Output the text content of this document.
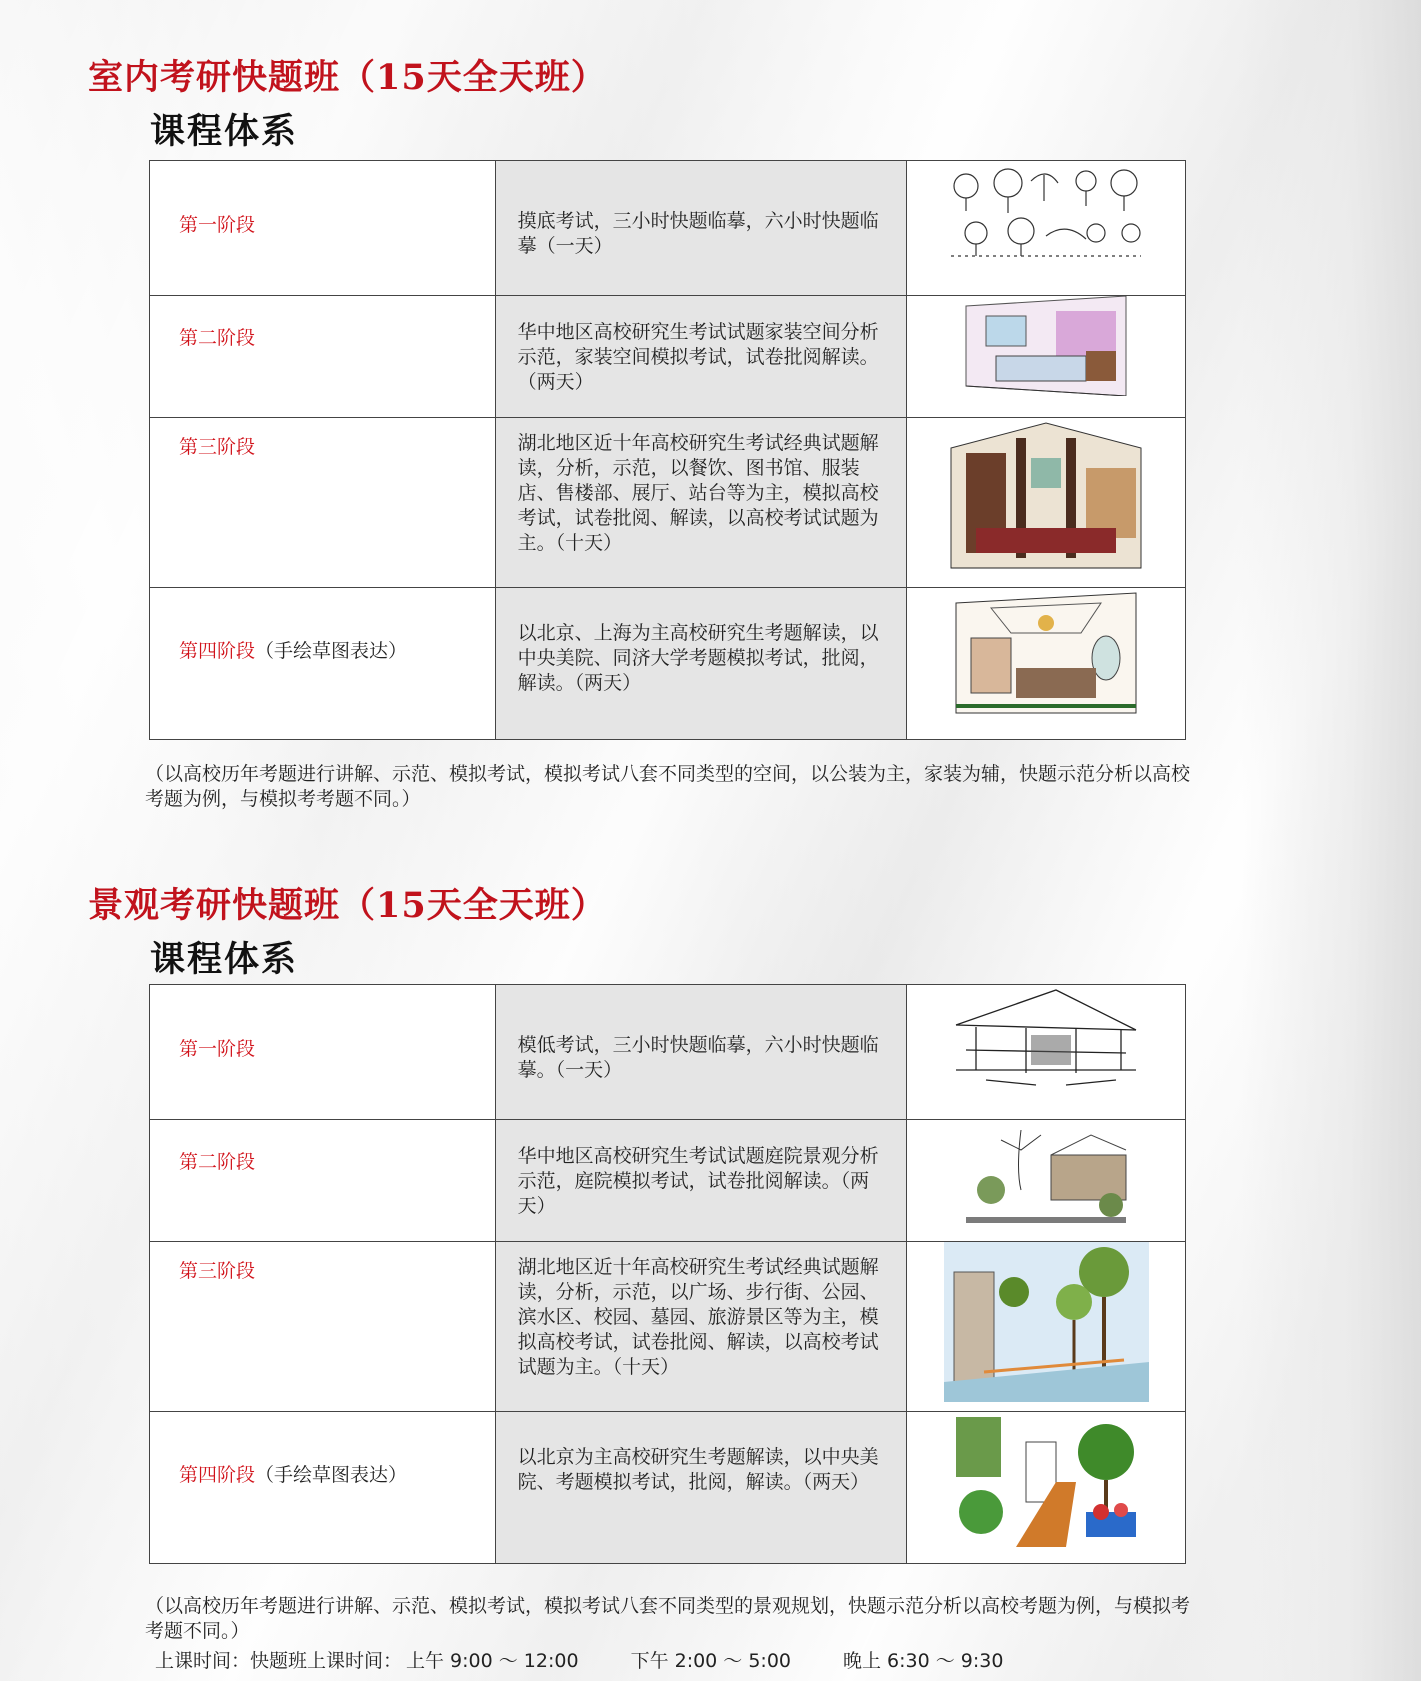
室内考研快题班（15天全天班）
课程体系
第一阶段	摸底考试，三小时快题临摹，六小时快题临摹（一天）

第二阶段	华中地区高校研究生考试试题家装空间分析示范，家装空间模拟考试，试卷批阅解读。（两天）

第三阶段	湖北地区近十年高校研究生考试经典试题解读，分析，示范，以餐饮、图书馆、服装店、售楼部、展厅、站台等为主，模拟高校考试，试卷批阅、解读，以高校考试试题为主。（十天）

第四阶段（手绘草图表达）	以北京、上海为主高校研究生考题解读，以中央美院、同济大学考题模拟考试，批阅，解读。（两天）

（以高校历年考题进行讲解、示范、模拟考试，模拟考试八套不同类型的空间，以公装为主，家装为辅，快题示范分析以高校考题为例，与模拟考考题不同。）
景观考研快题班（15天全天班）
课程体系
第一阶段	模低考试，三小时快题临摹，六小时快题临摹。（一天）

第二阶段	华中地区高校研究生考试试题庭院景观分析示范，庭院模拟考试，试卷批阅解读。（两天）

第三阶段	湖北地区近十年高校研究生考试经典试题解读，分析，示范，以广场、步行街、公园、滨水区、校园、墓园、旅游景区等为主，模拟高校考试，试卷批阅、解读，以高校考试试题为主。（十天）

第四阶段（手绘草图表达）	以北京为主高校研究生考题解读，以中央美院、考题模拟考试，批阅，解读。（两天）

（以高校历年考题进行讲解、示范、模拟考试，模拟考试八套不同类型的景观规划，快题示范分析以高校考题为例，与模拟考考题不同。）
上课时间：快题班上课时间： 上午 9:00 ～ 12:00	下午 2:00 ～ 5:00	晚上 6:30 ～ 9:30
